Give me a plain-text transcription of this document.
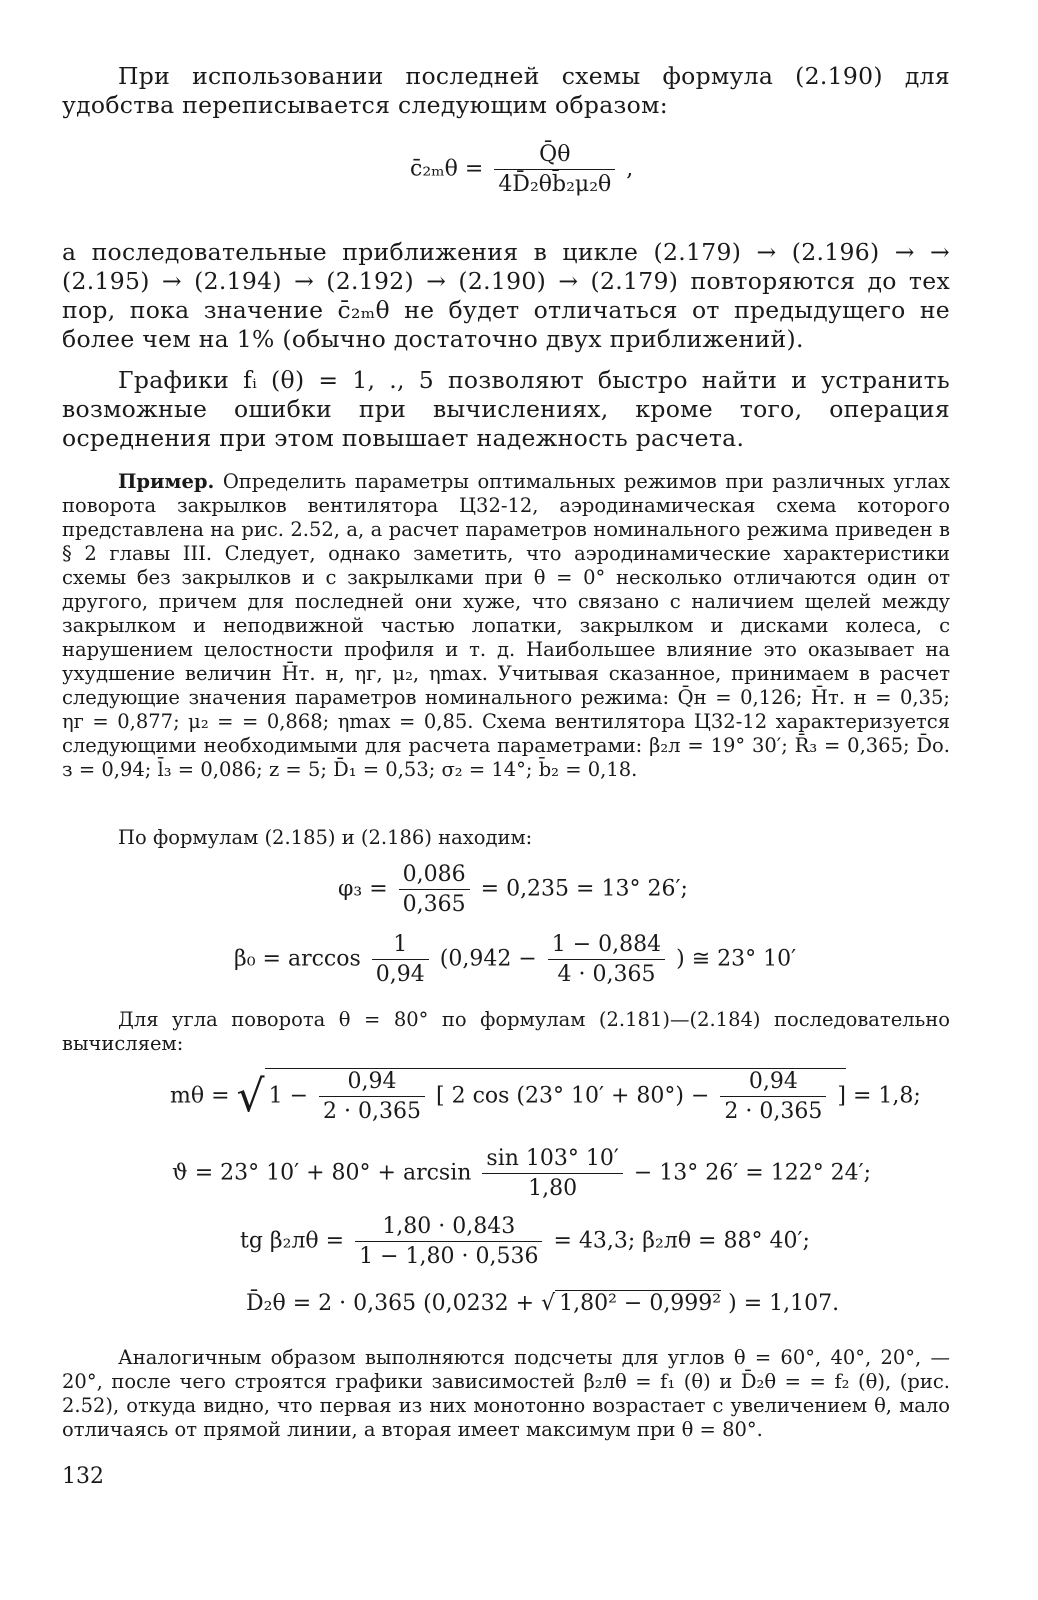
При использовании последней схемы формула (2.190) для удобства переписывается следующим образом:

c̄₂ₘθ = $\frac{Q̄\theta}{\text{4D̄₂θb̄₂μ₂θ}}$ ,

а последовательные приближения в цикле (2.179) → (2.196) → → (2.195) → (2.194) → (2.192) → (2.190) → (2.179) повторяются до тех пор, пока значение c̄₂ₘθ не будет отличаться от предыдущего не более чем на 1% (обычно достаточно двух приближений).

Графики fᵢ (θ) = 1, ., 5 позволяют быстро найти и устранить возможные ошибки при вычислениях, кроме того, операция осреднения при этом повышает надежность расчета.

Пример. Определить параметры оптимальных режимов при различных углах поворота закрылков вентилятора Ц32-12, аэродинамическая схема которого представлена на рис. 2.52, а, а расчет параметров номинального режима приведен в § 2 главы III. Следует, однако заметить, что аэродинамические характеристики схемы без закрылков и с закрылками при θ = 0° несколько отличаются один от другого, причем для последней они хуже, что связано с наличием щелей между закрылком и неподвижной частью лопатки, закрылком и дисками колеса, с нарушением целостности профиля и т. д. Наибольшее влияние это оказывает на ухудшение величин H̄т. н, ηг, μ₂, ηmax. Учитывая сказанное, принимаем в расчет следующие значения параметров номинального режима: Q̄н = 0,126; H̄т. н = 0,35; ηг = 0,877; μ₂ = = 0,868; ηmax = 0,85. Схема вентилятора Ц32-12 характеризуется следующими необходимыми для расчета параметрами: β₂л = 19° 30′; R̄₃ = 0,365; D̄о. з = 0,94; l̄₃ = 0,086; z = 5; D̄₁ = 0,53; σ₂ = 14°; b̄₂ = 0,18.

По формулам (2.185) и (2.186) находим:

$\varphi_3 = \frac{0,086}{0,365} = 0,235 = 13^\circ$ 26′;
$\beta_0 = \arccos \frac{1}{0,94} (0,942 - \frac{1 - 0,884}{4 \cdot 0,365}$ ) ≅ 23° 10′

Для угла поворота θ = 80° по формулам (2.181)—(2.184) последовательно вычисляем:

mθ = √ $1 - \frac{0,94}{2 \cdot 0,365}$ [ 2 cos (23° $10' + 80^\circ) - \frac{0,94}{2 \cdot 0,365}$ ] = 1,8;
ϑ = 23° $10' + 80^\circ + \arcsin \frac{\sin 103^\circ 10'}{1,80} - 13^\circ$ 26′ = 122° 24′;
tg $\beta_2л\theta = \frac{1,80 \cdot 0,843}{1 - 1,80 \cdot 0,536} = 43,3$; β₂лθ = 88° 40′;
D̄₂θ = 2 · 0,365 (0,0232 + √ 1,80² − 0,999² ) = 1,107.

Аналогичным образом выполняются подсчеты для углов θ = 60°, 40°, 20°, —20°, после чего строятся графики зависимостей β₂лθ = f₁ (θ) и D̄₂θ = = f₂ (θ), (рис. 2.52), откуда видно, что первая из них монотонно возрастает с увеличением θ, мало отличаясь от прямой линии, а вторая имеет максимум при θ = 80°.

132
